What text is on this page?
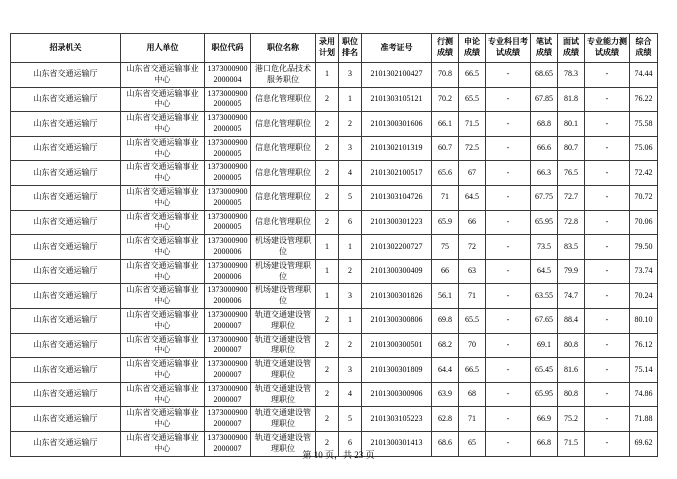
招录机关	用人单位	职位代码	职位名称	录用计划	职位排名	准考证号	行测成绩	申论成绩	专业科目考试成绩	笔试成绩	面试成绩	专业能力测试成绩	综合成绩
山东省交通运输厅	山东省交通运输事业中心	13730009002000004	港口危化品技术服务职位	1	3	2101302100427	70.8	66.5	-	68.65	78.3	-	74.44
山东省交通运输厅	山东省交通运输事业中心	13730009002000005	信息化管理职位	2	1	2101303105121	70.2	65.5	-	67.85	81.8	-	76.22
山东省交通运输厅	山东省交通运输事业中心	13730009002000005	信息化管理职位	2	2	2101300301606	66.1	71.5	-	68.8	80.1	-	75.58
山东省交通运输厅	山东省交通运输事业中心	13730009002000005	信息化管理职位	2	3	2101302101319	60.7	72.5	-	66.6	80.7	-	75.06
山东省交通运输厅	山东省交通运输事业中心	13730009002000005	信息化管理职位	2	4	2101302100517	65.6	67	-	66.3	76.5	-	72.42
山东省交通运输厅	山东省交通运输事业中心	13730009002000005	信息化管理职位	2	5	2101303104726	71	64.5	-	67.75	72.7	-	70.72
山东省交通运输厅	山东省交通运输事业中心	13730009002000005	信息化管理职位	2	6	2101300301223	65.9	66	-	65.95	72.8	-	70.06
山东省交通运输厅	山东省交通运输事业中心	13730009002000006	机场建设管理职位	1	1	2101302200727	75	72	-	73.5	83.5	-	79.50
山东省交通运输厅	山东省交通运输事业中心	13730009002000006	机场建设管理职位	1	2	2101300300409	66	63	-	64.5	79.9	-	73.74
山东省交通运输厅	山东省交通运输事业中心	13730009002000006	机场建设管理职位	1	3	2101300301826	56.1	71	-	63.55	74.7	-	70.24
山东省交通运输厅	山东省交通运输事业中心	13730009002000007	轨道交通建设管理职位	2	1	2101300300806	69.8	65.5	-	67.65	88.4	-	80.10
山东省交通运输厅	山东省交通运输事业中心	13730009002000007	轨道交通建设管理职位	2	2	2101300300501	68.2	70	-	69.1	80.8	-	76.12
山东省交通运输厅	山东省交通运输事业中心	13730009002000007	轨道交通建设管理职位	2	3	2101300301809	64.4	66.5	-	65.45	81.6	-	75.14
山东省交通运输厅	山东省交通运输事业中心	13730009002000007	轨道交通建设管理职位	2	4	2101300300906	63.9	68	-	65.95	80.8	-	74.86
山东省交通运输厅	山东省交通运输事业中心	13730009002000007	轨道交通建设管理职位	2	5	2101303105223	62.8	71	-	66.9	75.2	-	71.88
山东省交通运输厅	山东省交通运输事业中心	13730009002000007	轨道交通建设管理职位	2	6	2101300301413	68.6	65	-	66.8	71.5	-	69.62
第 10 页，共 23 页
